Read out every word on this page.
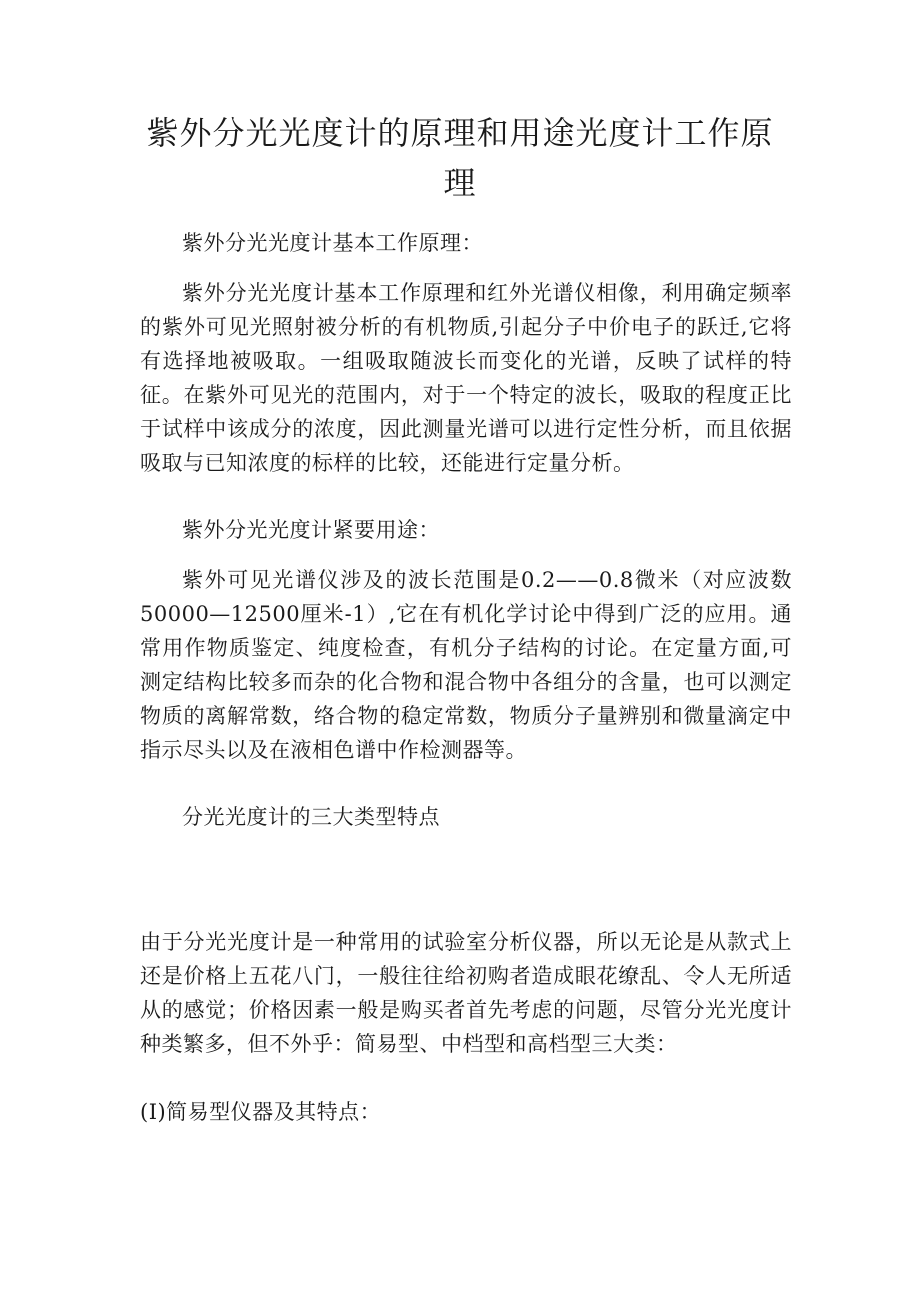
紫外分光光度计的原理和用途光度计工作原理

紫外分光光度计基本工作原理：

紫外分光光度计基本工作原理和红外光谱仪相像，利用确定频率的紫外可见光照射被分析的有机物质,引起分子中价电子的跃迁,它将有选择地被吸取。一组吸取随波长而变化的光谱，反映了试样的特征。在紫外可见光的范围内，对于一个特定的波长，吸取的程度正比于试样中该成分的浓度，因此测量光谱可以进行定性分析，而且依据吸取与已知浓度的标样的比较，还能进行定量分析。

紫外分光光度计紧要用途：

紫外可见光谱仪涉及的波长范围是0.2——0.8微米（对应波数50000—12500厘米-1）,它在有机化学讨论中得到广泛的应用。通常用作物质鉴定、纯度检查，有机分子结构的讨论。在定量方面,可测定结构比较多而杂的化合物和混合物中各组分的含量，也可以测定物质的离解常数，络合物的稳定常数，物质分子量辨别和微量滴定中指示尽头以及在液相色谱中作检测器等。

分光光度计的三大类型特点

由于分光光度计是一种常用的试验室分析仪器，所以无论是从款式上还是价格上五花八门，一般往往给初购者造成眼花缭乱、令人无所适从的感觉；价格因素一般是购买者首先考虑的问题，尽管分光光度计种类繁多，但不外乎：简易型、中档型和高档型三大类：

(I)简易型仪器及其特点：
